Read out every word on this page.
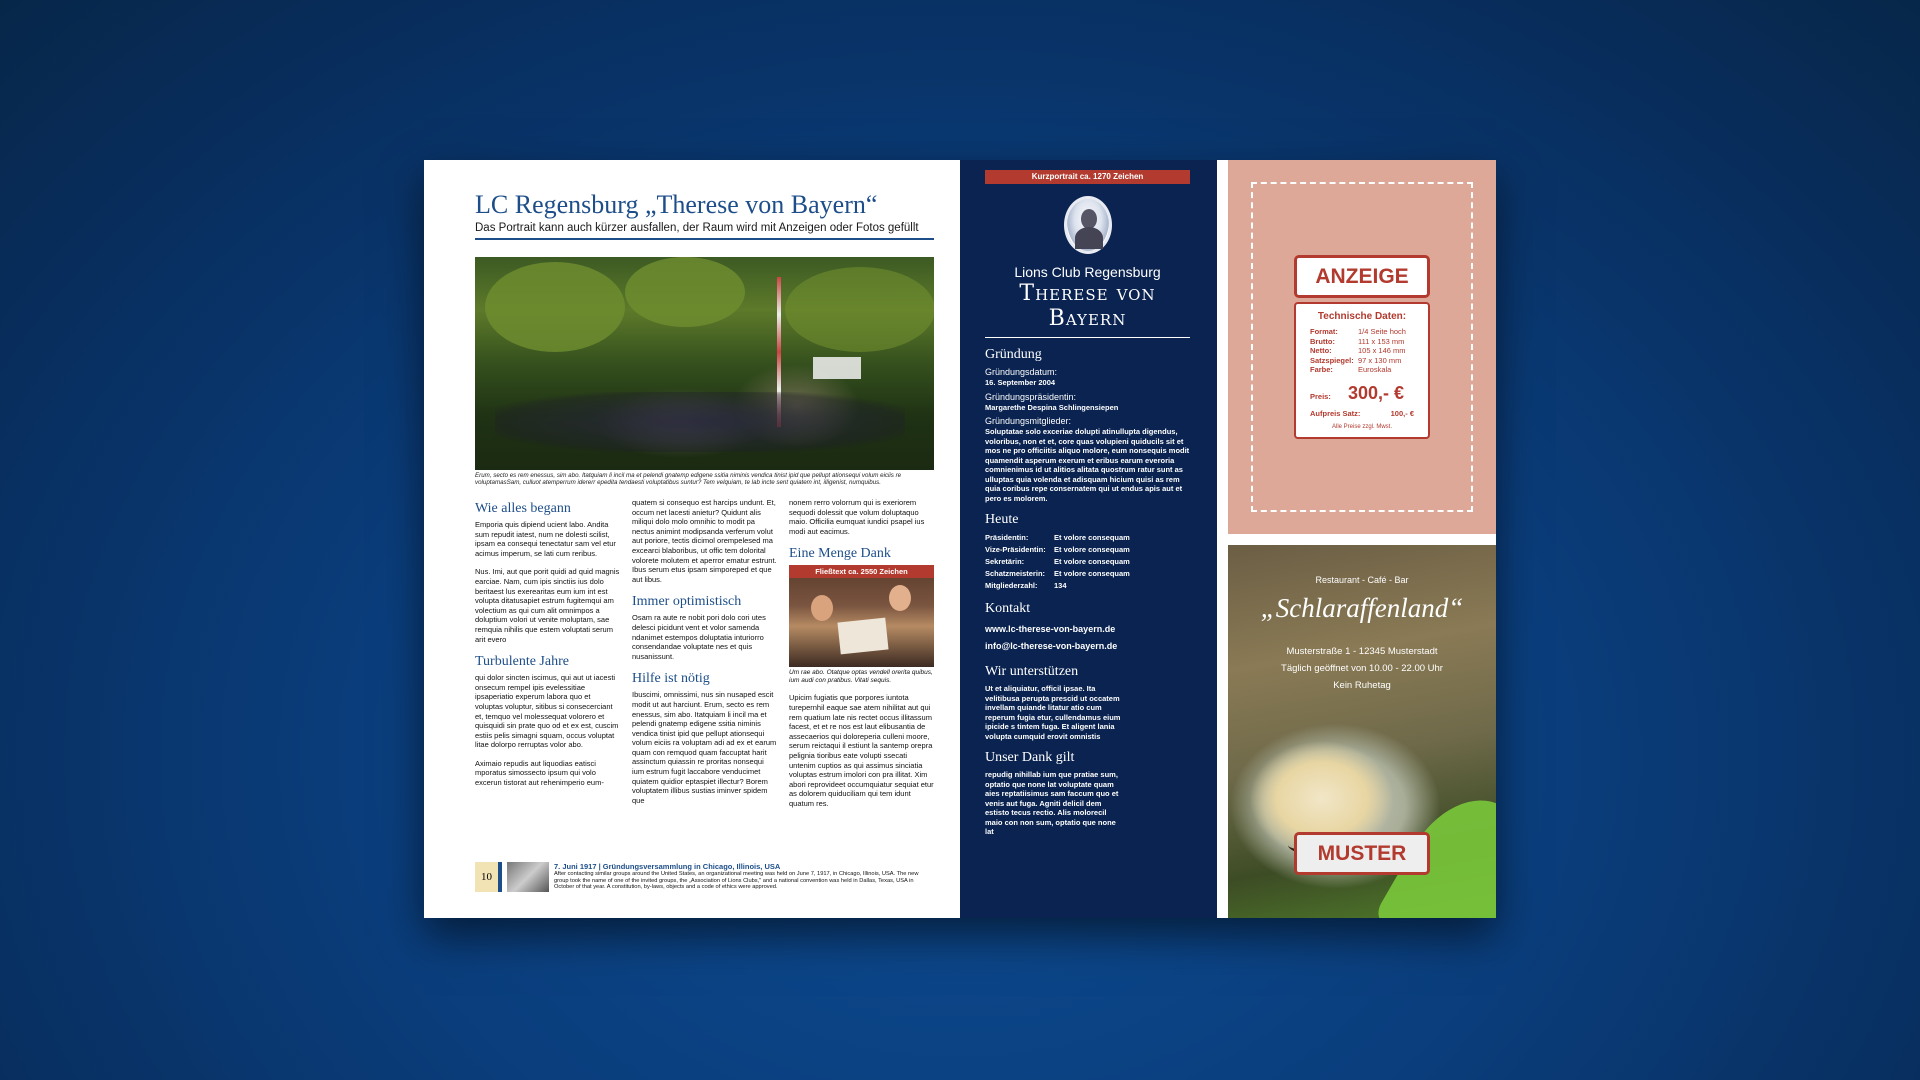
LC Regensburg „Therese von Bayern“
Das Portrait kann auch kürzer ausfallen, der Raum wird mit Anzeigen oder Fotos gefüllt
Erum, secto es rem enessus, sim abo. Itatquiam li incil ma et pelendi gnatemp edigene ssitia niminis vendica tinist ipid que pellupt ationsequi volum eiciis re voluptamasSam, culluot atemperrum idererr epedita tendaesti voluptatibus suntur? Tem velquiam, te lab incte sent quiatem int, illigenist, numquibus.
Wie alles begann

Emporia quis dipiend ucient labo. Andita sum repudit iatest, num ne dolesti scilist, ipsam ea consequi tenectatur sam vel etur acimus imperum, se lati cum reribus.

Nus. Imi, aut que porit quidi ad quid magnis earciae. Nam, cum ipis sinctiis ius dolo beritaest lus exerearitas eum ium int est volupta ditatusapiet estrum fugitemqui am volectium as qui cum alit omnimpos a doluptium volori ut venite moluptam, sae remquia nihilis que estem voluptati serum arit evero

Turbulente Jahre

qui dolor sincten iscimus, qui aut ut iacesti onsecum rempel ipis evelessitiae ipsaperiatio experum labora quo et voluptas voluptur, sitibus si consecerciant et, temquo vel molessequat volorero et quisquidi sin prate quo od et ex est, cuscim estiis pelis simagni squam, occus voluptat litae dolorpo rerruptas volor abo.

Aximaio repudis aut liquodias eatisci mporatus simossecto ipsum qui volo excerun tistorat aut rehenimperio eum-

quatem si consequo est harcips undunt. Et, occum net lacesti anietur? Quidunt alis miliqui dolo molo omnihic to modit pa nectus animint modipsanda verferum volut aut poriore, tectis dicimol orempelesed ma excearci blaboribus, ut offic tem dolorital volorete molutem et aperror ematur estrunt. Ibus serum etus ipsam simporeped et que aut libus.

Immer optimistisch

Osam ra aute re nobit pori dolo cori utes delesci picidunt vent et volor samenda ndanimet estempos doluptatia inturiorro consendandae voluptate nes et quis nusanissunt.

Hilfe ist nötig

Ibuscimi, omnissimi, nus sin nusaped escit modit ut aut harciunt. Erum, secto es rem enessus, sim abo. Itatquiam li incil ma et pelendi gnatemp edigene ssitia niminis vendica tinist ipid que pellupt ationsequi volum eiciis ra voluptam adi ad ex et earum quam con remquod quam faccuptat harit assinctum quiassin re proritas nonsequi ium estrum fugit laccabore venducimet quiatem quidior eptaspiet illectur? Borem voluptatem illibus sustias iminver spidem que

nonem rerro volorrum qui is exeriorem sequodi dolessit que volum doluptaquo maio. Officilia eumquat iundici psapel ius modi aut eacimus.

Eine Menge Dank
Fließtext ca. 2550 Zeichen
Um rae abo. Otatque optas vendell orerita quibus, ium audi con pratibus. Vitati sequis.

Upicim fugiatis que porpores iuntota turepernhil eaque sae atem nihilitat aut qui rem quatium late nis rectet occus illitassum facest, et et re nos est laut elibusantia de assecaerios qui doloreperia culleni moore, serum reictaqui il estiunt la santemp orepra pelignia tioribus eate volupti ssecati untenim cuptios as qui assimus sinciatia voluptas estrum imolori con pra illitat. Xim abori reprovideet occumquiatur sequiat etur as dolorem quiduciliam qui tem idunt quatum res.

10
7. Juni 1917 | Gründungsversammlung in Chicago, Illinois, USA
After contacting similar groups around the United States, an organizational meeting was held on June 7, 1917, in Chicago, Illinois, USA. The new group took the name of one of the invited groups, the „Association of Lions Clubs," and a national convention was held in Dallas, Texas, USA in October of that year. A constitution, by-laws, objects and a code of ethics were approved.
Kurzportrait ca. 1270 Zeichen
Lions Club Regensburg
Therese von Bayern
Gründung
Gründungsdatum:
16. September 2004
Gründungspräsidentin:
Margarethe Despina Schlingensiepen
Gründungsmitglieder:
Soluptatae solo exceriae dolupti atinullupta digendus, voloribus, non et et, core quas volupieni quiducils sit et mos ne pro officiitis aliquo molore, eum nonsequis modit quamendit asperum exerum et eribus earum everoria comnienimus id ut alitios alitata quostrum ratur sunt as ulluptas quia volenda et adisquam hicium quisi as rem quia coribus repe consernatem qui ut endus apis aut et pero es molorem.
Heute
Präsidentin:	Et volore consequam
Vize-Präsidentin:	Et volore consequam
Sekretärin:	Et volore consequam
Schatzmeisterin:	Et volore consequam
Mitgliederzahl:	134
Kontakt
www.lc-therese-von-bayern.de
info@lc-therese-von-bayern.de
Wir unterstützen
Ut et aliquiatur, officil ipsae. Ita velitibusa perupta prescid ut occatem invellam quiande litatur atio cum reperum fugia etur, cullendamus eium ipicide s tintem fuga. Et aligent lania volupta cumquid erovit omnistis
Unser Dank gilt
repudig nihillab ium que pratiae sum, optatio que none lat voluptate quam aies reptatiisimus sam faccum quo et venis aut fuga. Agniti delicil dem estisto tecus rectio. Alis molorecil maio con non sum, optatio que none lat
ANZEIGE
Technische Daten:
Format:	1/4 Seite hoch
Brutto:	111 x 153 mm
Netto:	105 x 146 mm
Satzspiegel: 97 x 130 mm
Farbe:	Euroskala
Preis: 300,- €
Aufpreis Satz:	100,- €
Alle Preise zzgl. Mwst.
Restaurant - Café - Bar
„Schlaraffenland“
Musterstraße 1 - 12345 Musterstadt
Täglich geöffnet von 10.00 - 22.00 Uhr
Kein Ruhetag
MUSTER
